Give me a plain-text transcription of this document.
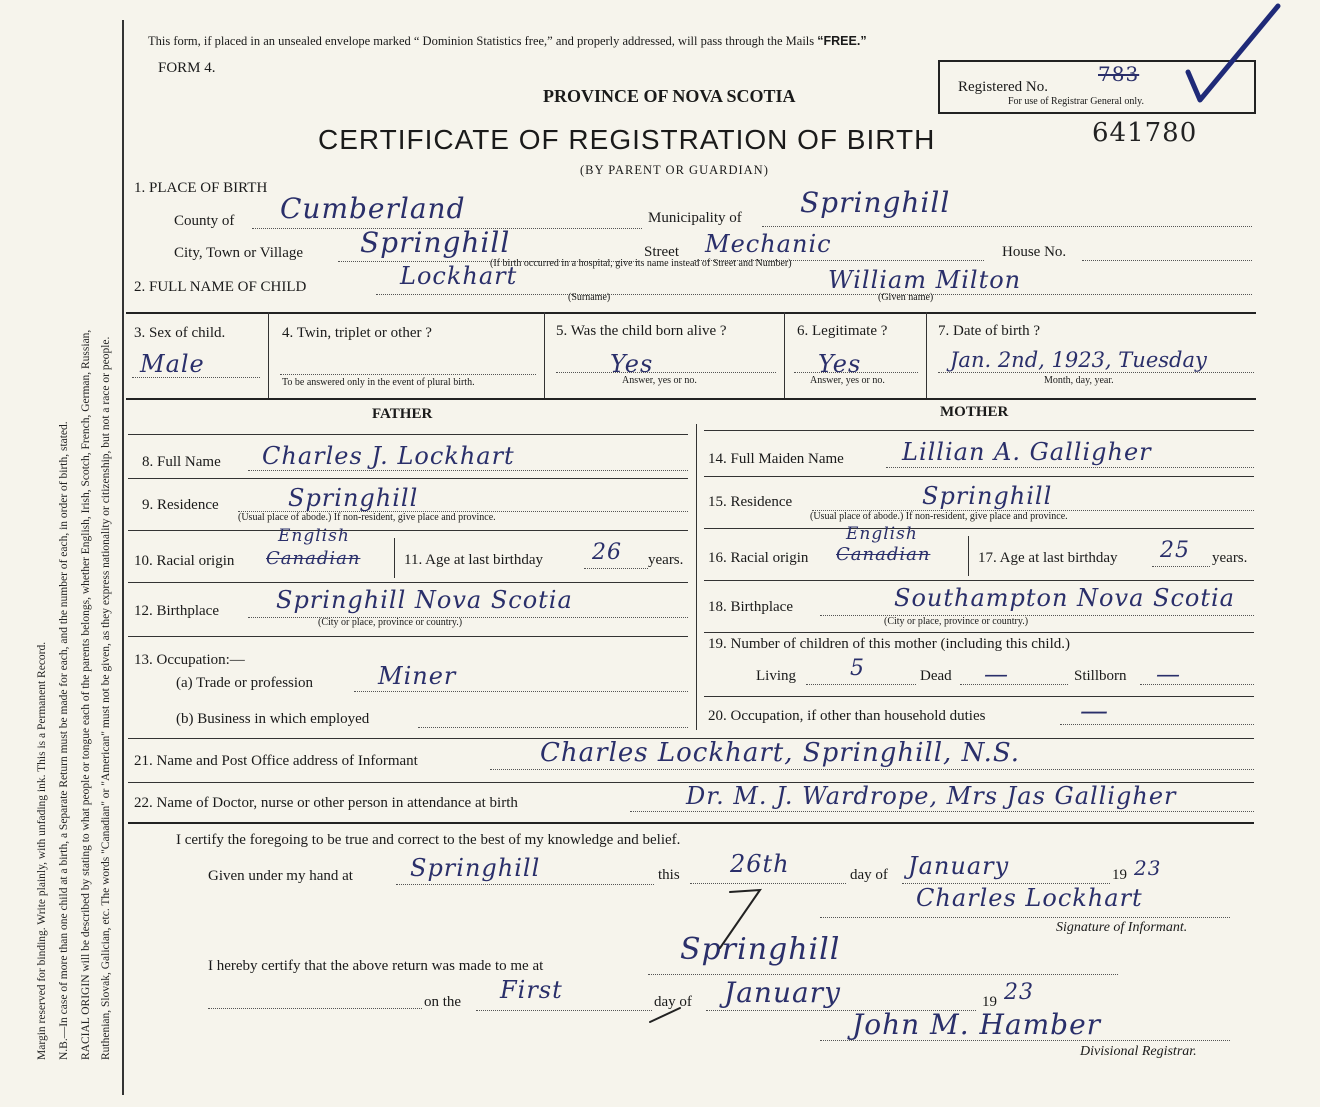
Margin reserved for binding. Write plainly, with unfading ink. This is a Permanent Record. N.B.—In case of more than one child at a birth, a Separate Return must be made for each, and the number of each, in order of birth, stated. RACIAL ORIGIN will be described by stating to what people or tongue each of the parents belongs, whether English, Irish, Scotch, French, German, Russian, Ruthenian, Slovak, Galician, etc. The words "Canadian" or "American" must not be given, as they express nationality or citizenship, but not a race or people.
This form, if placed in an unsealed envelope marked “ Dominion Statistics free,” and properly addressed, will pass through the Mails “FREE.”
FORM 4.
PROVINCE OF NOVA SCOTIA
CERTIFICATE OF REGISTRATION OF BIRTH
(BY PARENT OR GUARDIAN)
641780
Registered No.
783
For use of Registrar General only.
1. PLACE OF BIRTH
County of Cumberland	Municipality of Springhill
City, Town or Village Springhill	Street Mechanic	House No.
(If birth occurred in a hospital, give its name instead of Street and Number)
2. FULL NAME OF CHILD	Lockhart
(Surname)
William Milton
(Given name)
3. Sex of child.
Male
4. Twin, triplet or other ?
To be answered only in the event of plural birth.
5. Was the child born alive ?
Yes
Answer, yes or no.
6. Legitimate ?
Yes
Answer, yes or no.
7. Date of birth ?
Jan. 2nd, 1923, Tuesday
Month, day, year.
FATHER	MOTHER
8. Full Name Charles J. Lockhart
9. Residence	Springhill
(Usual place of abode.) If non-resident, give place and province.
10. Racial origin Canadian
English
11. Age at last birthday 26 years.
12. Birthplace Springhill Nova Scotia
(City or place, province or country.)
13. Occupation:—
(a) Trade or profession	Miner
(b) Business in which employed
14. Full Maiden Name Lillian A. Galligher
15. Residence	Springhill
(Usual place of abode.) If non-resident, give place and province.
16. Racial origin Canadian
English
17. Age at last birthday 25 years.
18. Birthplace	Southampton Nova Scotia
(City or place, province or country.)
19. Number of children of this mother (including this child.)
Living 5	Dead —	Stillborn —
20. Occupation, if other than household duties	—
21. Name and Post Office address of Informant	Charles Lockhart, Springhill, N.S.
22. Name of Doctor, nurse or other person in attendance at birth	Dr. M. J. Wardrope, Mrs Jas Galligher
I certify the foregoing to be true and correct to the best of my knowledge and belief.
Given under my hand at Springhill	this 26th	day of January	19 23
Charles Lockhart
Signature of Informant.
I hereby certify that the above return was made to me at	Springhill
on the First	day of January	19 23
John M. Hamber
Divisional Registrar.
